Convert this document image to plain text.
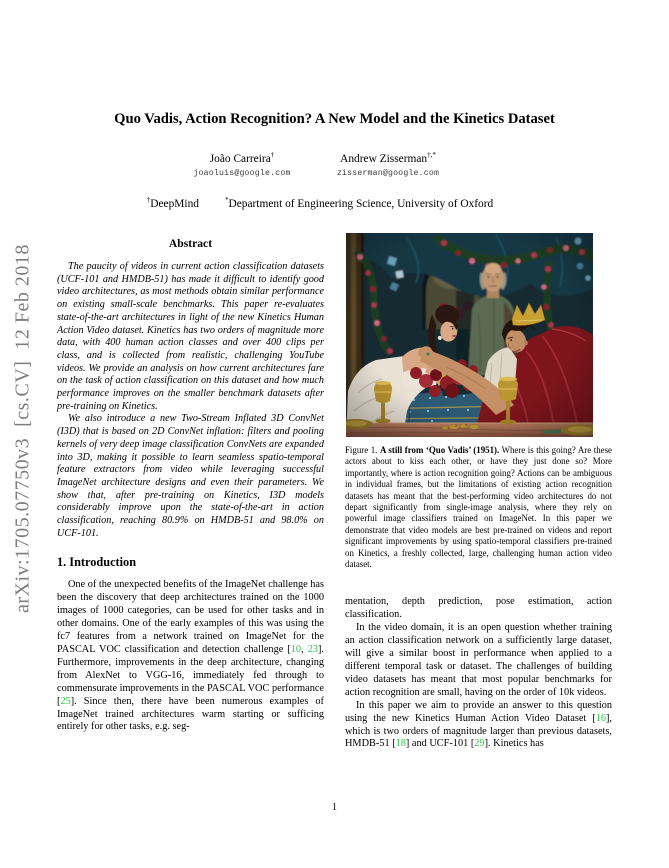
arXiv:1705.07750v3  [cs.CV]  12 Feb 2018
Quo Vadis, Action Recognition? A New Model and the Kinetics Dataset
João Carreira†
joaoluis@google.com
Andrew Zisserman†,*
zisserman@google.com
†DeepMind	*Department of Engineering Science, University of Oxford
Abstract

The paucity of videos in current action classification datasets (UCF-101 and HMDB-51) has made it difficult to identify good video architectures, as most methods obtain similar performance on existing small-scale benchmarks. This paper re-evaluates state-of-the-art architectures in light of the new Kinetics Human Action Video dataset. Kinetics has two orders of magnitude more data, with 400 human action classes and over 400 clips per class, and is collected from realistic, challenging YouTube videos. We provide an analysis on how current architectures fare on the task of action classification on this dataset and how much performance improves on the smaller benchmark datasets after pre-training on Kinetics.

We also introduce a new Two-Stream Inflated 3D ConvNet (I3D) that is based on 2D ConvNet inflation: filters and pooling kernels of very deep image classification ConvNets are expanded into 3D, making it possible to learn seamless spatio-temporal feature extractors from video while leveraging successful ImageNet architecture designs and even their parameters. We show that, after pre-training on Kinetics, I3D models considerably improve upon the state-of-the-art in action classification, reaching 80.9% on HMDB-51 and 98.0% on UCF-101.

1. Introduction

One of the unexpected benefits of the ImageNet challenge has been the discovery that deep architectures trained on the 1000 images of 1000 categories, can be used for other tasks and in other domains. One of the early examples of this was using the fc7 features from a network trained on ImageNet for the PASCAL VOC classification and detection challenge [10, 23]. Furthermore, improvements in the deep architecture, changing from AlexNet to VGG-16, immediately fed through to commensurate improvements in the PASCAL VOC performance [25]. Since then, there have been numerous examples of ImageNet trained architectures warm starting or sufficing entirely for other tasks, e.g. seg-

Figure 1. A still from ‘Quo Vadis’ (1951). Where is this going? Are these actors about to kiss each other, or have they just done so? More importantly, where is action recognition going? Actions can be ambiguous in individual frames, but the limitations of existing action recognition datasets has meant that the best-performing video architectures do not depart significantly from single-image analysis, where they rely on powerful image classifiers trained on ImageNet. In this paper we demonstrate that video models are best pre-trained on videos and report significant improvements by using spatio-temporal classifiers pre-trained on Kinetics, a freshly collected, large, challenging human action video dataset.

mentation, depth prediction, pose estimation, action classification.

In the video domain, it is an open question whether training an action classification network on a sufficiently large dataset, will give a similar boost in performance when applied to a different temporal task or dataset. The challenges of building video datasets has meant that most popular benchmarks for action recognition are small, having on the order of 10k videos.

In this paper we aim to provide an answer to this question using the new Kinetics Human Action Video Dataset [16], which is two orders of magnitude larger than previous datasets, HMDB-51 [18] and UCF-101 [29]. Kinetics has

1
